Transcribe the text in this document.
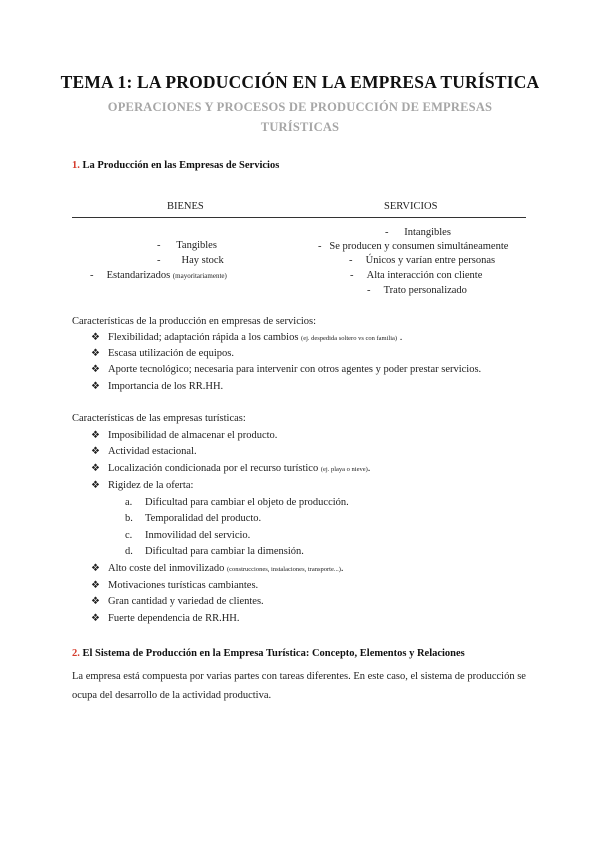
TEMA 1: LA PRODUCCIÓN EN LA EMPRESA TURÍSTICA
OPERACIONES Y PROCESOS DE PRODUCCIÓN DE EMPRESAS TURÍSTICAS
1. La Producción en las Empresas de Servicios
BIENES	SERVICIOS
- Tangibles
- Hay stock
- Estandarizados (mayoritariamente)
- Intangibles
- Se producen y consumen simultáneamente
- Únicos y varían entre personas
- Alta interacción con cliente
- Trato personalizado
Características de la producción en empresas de servicios:
❖ Flexibilidad; adaptación rápida a los cambios (ej. despedida soltero vs con familia) .
❖ Escasa utilización de equipos.
❖ Aporte tecnológico; necesaria para intervenir con otros agentes y poder prestar servicios.
❖ Importancia de los RR.HH.
Características de las empresas turísticas:
❖ Imposibilidad de almacenar el producto.
❖ Actividad estacional.
❖ Localización condicionada por el recurso turístico (ej. playa o nieve).
❖ Rigidez de la oferta:
a. Dificultad para cambiar el objeto de producción.
b. Temporalidad del producto.
c. Inmovilidad del servicio.
d. Dificultad para cambiar la dimensión.
❖ Alto coste del inmovilizado (construcciones, instalaciones, transporte...).
❖ Motivaciones turísticas cambiantes.
❖ Gran cantidad y variedad de clientes.
❖ Fuerte dependencia de RR.HH.
2. El Sistema de Producción en la Empresa Turística: Concepto, Elementos y Relaciones
La empresa está compuesta por varias partes con tareas diferentes. En este caso, el sistema de producción se ocupa del desarrollo de la actividad productiva.
